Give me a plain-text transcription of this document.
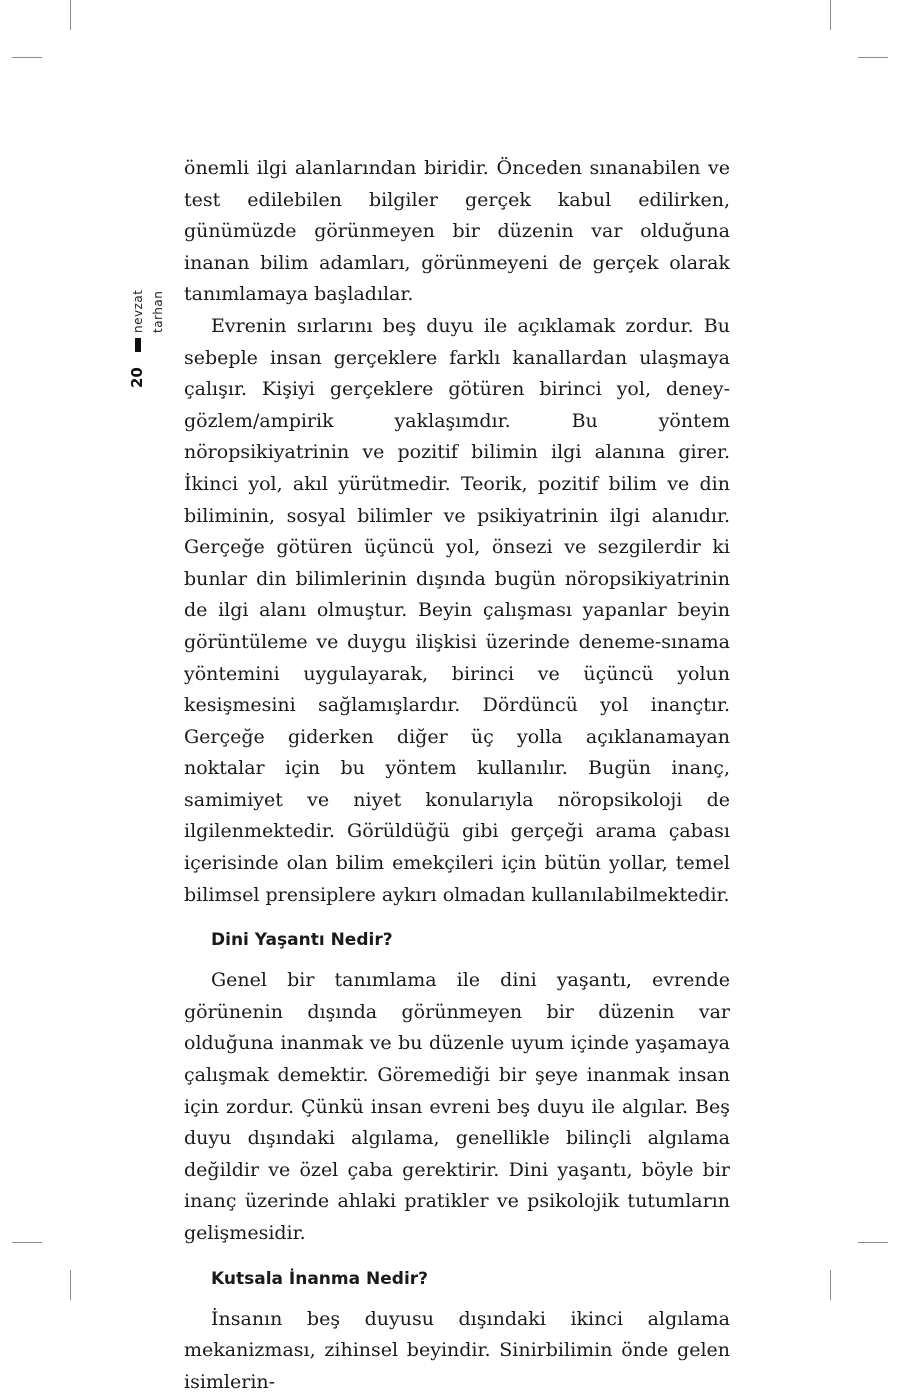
nevzat tarhan
20

önemli ilgi alanlarından biridir. Önceden sınanabilen ve test edilebilen bilgiler gerçek kabul edilirken, günümüzde görünmeyen bir düzenin var olduğuna inanan bilim adamları, görünmeyeni de gerçek olarak tanımlamaya başladılar.

Evrenin sırlarını beş duyu ile açıklamak zordur. Bu sebeple insan gerçeklere farklı kanallardan ulaşmaya çalışır. Kişiyi gerçeklere götüren birinci yol, deney-gözlem/ampirik yaklaşımdır. Bu yöntem nöropsikiyatrinin ve pozitif bilimin ilgi alanına girer. İkinci yol, akıl yürütmedir. Teorik, pozitif bilim ve din biliminin, sosyal bilimler ve psikiyatrinin ilgi alanıdır. Gerçeğe götüren üçüncü yol, önsezi ve sezgilerdir ki bunlar din bilimlerinin dışında bugün nöropsikiyatrinin de ilgi alanı olmuştur. Beyin çalışması yapanlar beyin görüntüleme ve duygu ilişkisi üzerinde deneme-sınama yöntemini uygulayarak, birinci ve üçüncü yolun kesişmesini sağlamışlardır. Dördüncü yol inançtır. Gerçeğe giderken diğer üç yolla açıklanamayan noktalar için bu yöntem kullanılır. Bugün inanç, samimiyet ve niyet konularıyla nöropsikoloji de ilgilenmektedir. Görüldüğü gibi gerçeği arama çabası içerisinde olan bilim emekçileri için bütün yollar, temel bilimsel prensiplere aykırı olmadan kullanılabilmektedir.

Dini Yaşantı Nedir?

Genel bir tanımlama ile dini yaşantı, evrende görünenin dışında görünmeyen bir düzenin var olduğuna inanmak ve bu düzenle uyum içinde yaşamaya çalışmak demektir. Göremediği bir şeye inanmak insan için zordur. Çünkü insan evreni beş duyu ile algılar. Beş duyu dışındaki algılama, genellikle bilinçli algılama değildir ve özel çaba gerektirir. Dini yaşantı, böyle bir inanç üzerinde ahlaki pratikler ve psikolojik tutumların gelişmesidir.

Kutsala İnanma Nedir?

İnsanın beş duyusu dışındaki ikinci algılama mekanizması, zihinsel beyindir. Sinirbilimin önde gelen isimlerin-
